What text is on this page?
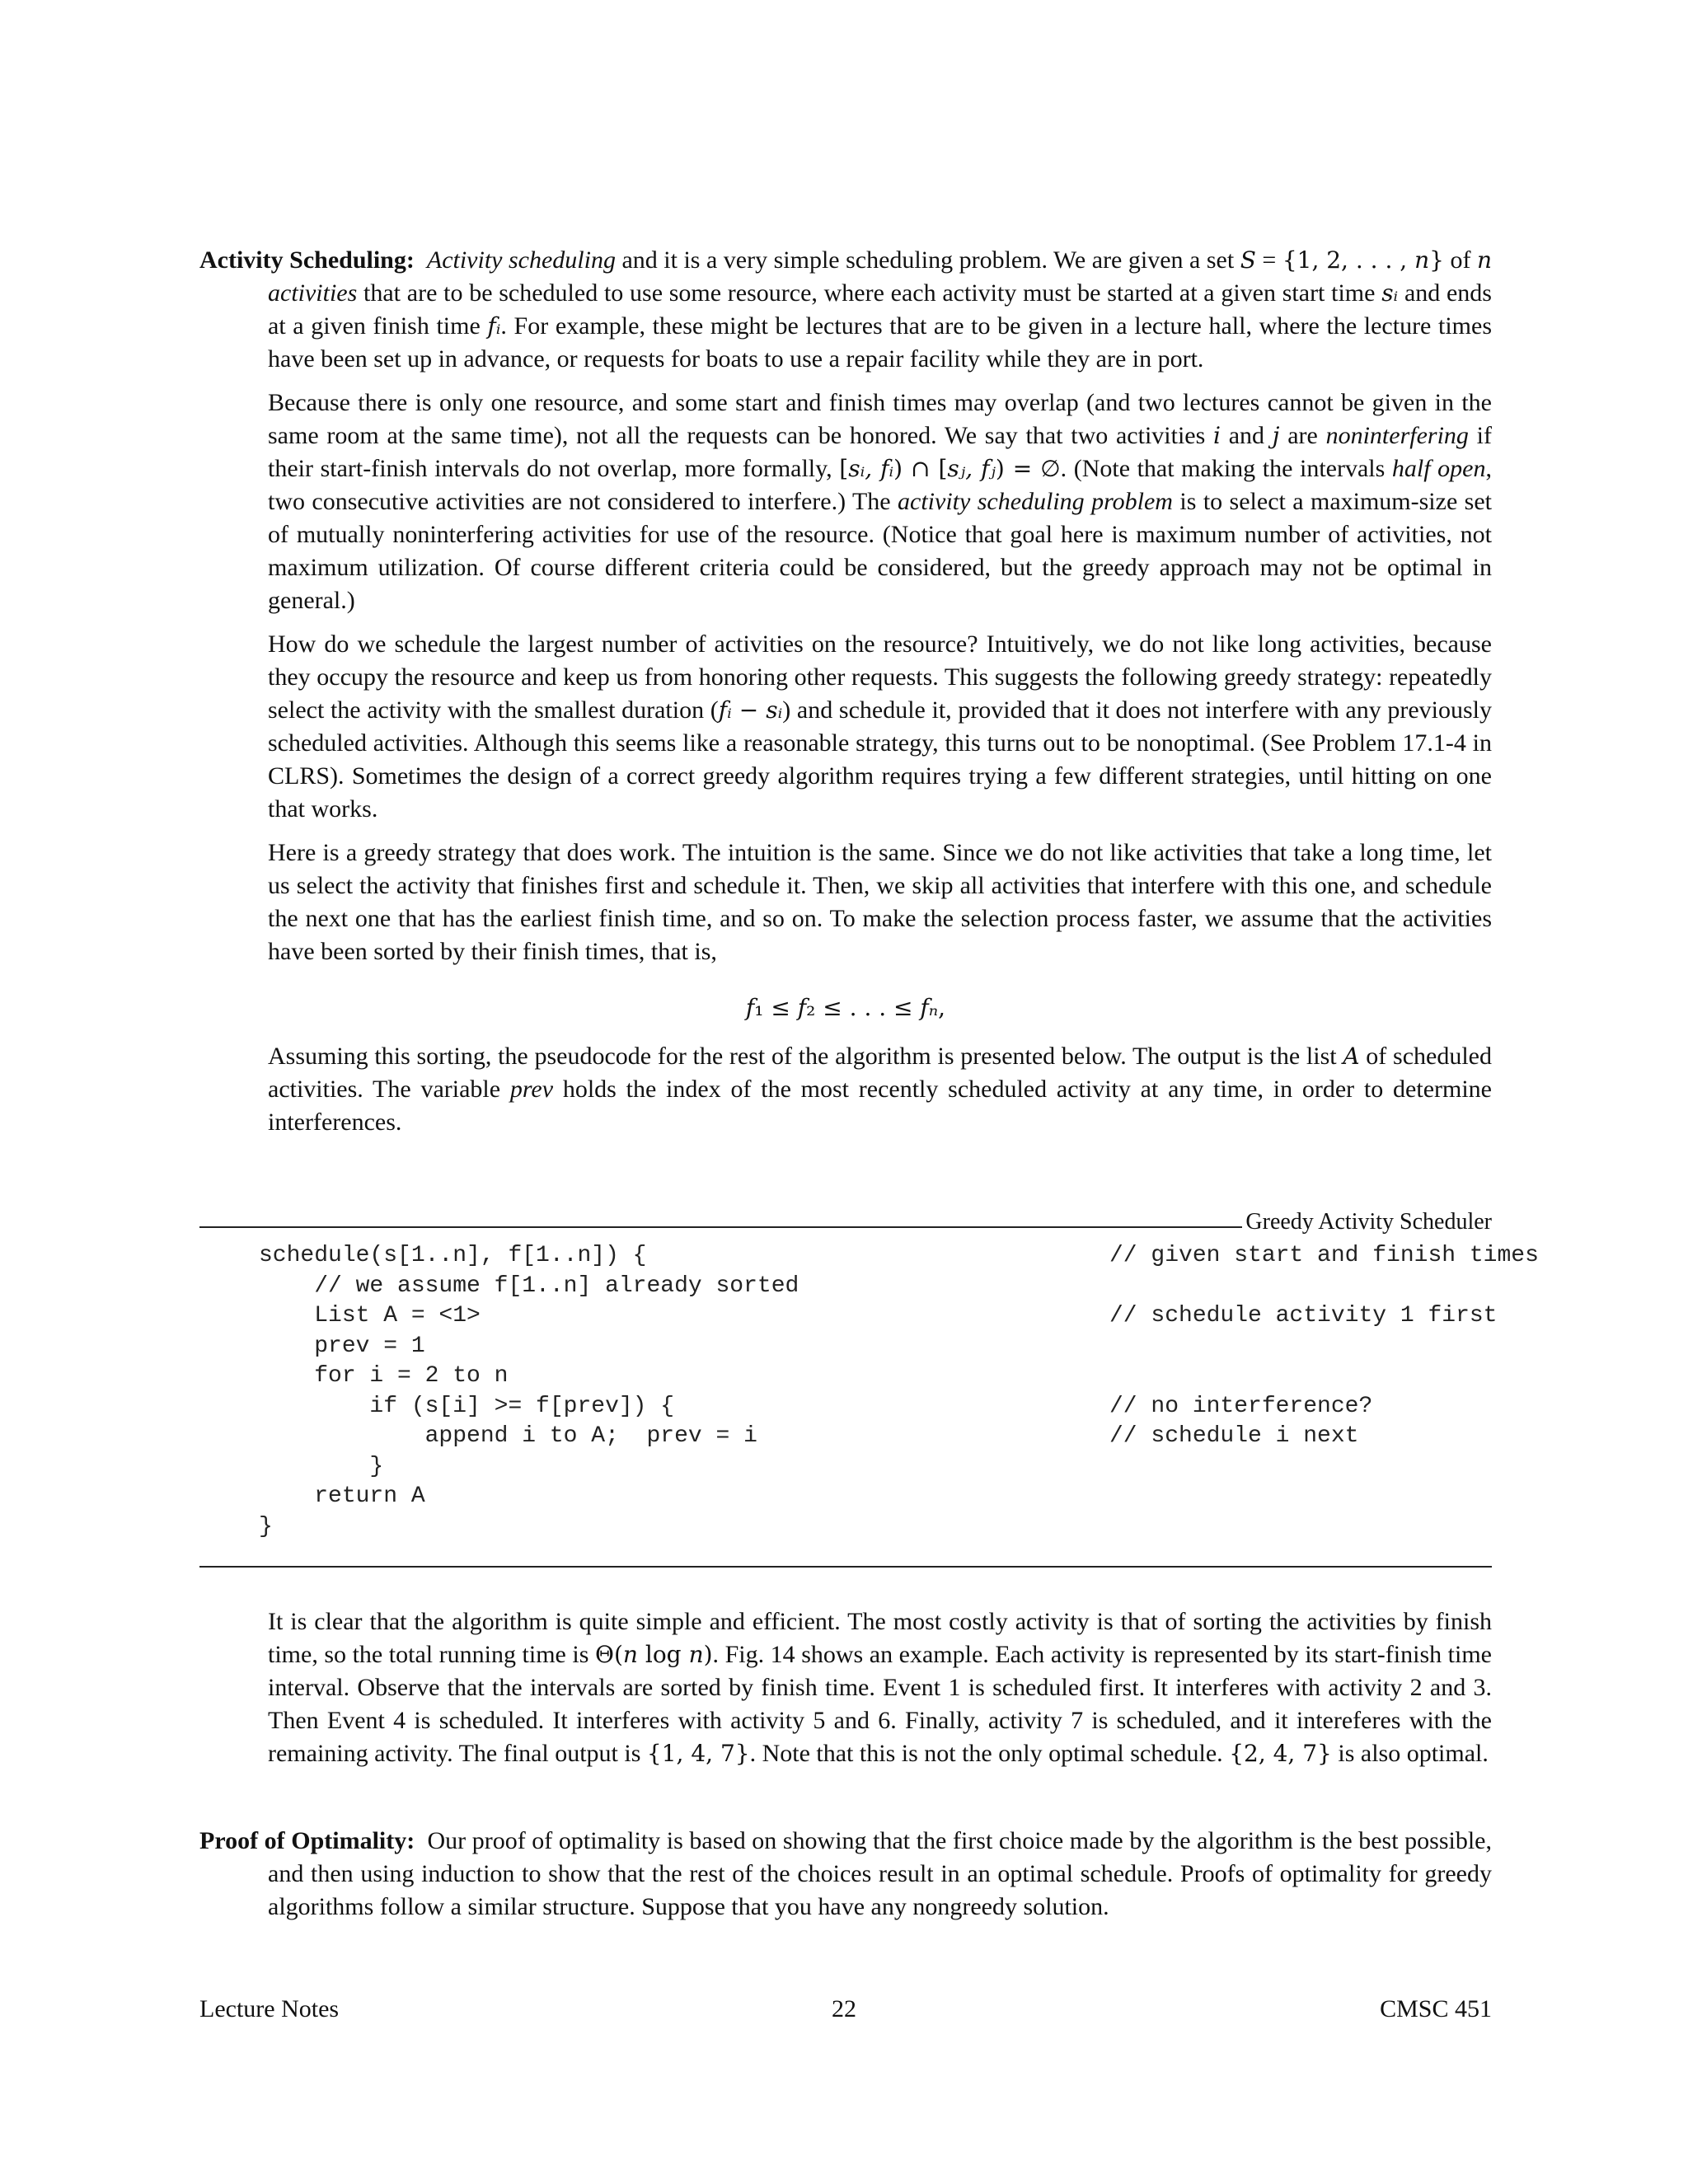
Activity Scheduling: Activity scheduling and it is a very simple scheduling problem. We are given a set S = {1, 2, . . . , n} of n activities that are to be scheduled to use some resource, where each activity must be started at a given start time sᵢ and ends at a given finish time fᵢ. For example, these might be lectures that are to be given in a lecture hall, where the lecture times have been set up in advance, or requests for boats to use a repair facility while they are in port.

Because there is only one resource, and some start and finish times may overlap (and two lectures cannot be given in the same room at the same time), not all the requests can be honored. We say that two activities i and j are noninterfering if their start-finish intervals do not overlap, more formally, [sᵢ, fᵢ) ∩ [sⱼ, fⱼ) = ∅. (Note that making the intervals half open, two consecutive activities are not considered to interfere.) The activity scheduling problem is to select a maximum-size set of mutually noninterfering activities for use of the resource. (Notice that goal here is maximum number of activities, not maximum utilization. Of course different criteria could be considered, but the greedy approach may not be optimal in general.)

How do we schedule the largest number of activities on the resource? Intuitively, we do not like long activities, because they occupy the resource and keep us from honoring other requests. This suggests the following greedy strategy: repeatedly select the activity with the smallest duration (fᵢ − sᵢ) and schedule it, provided that it does not interfere with any previously scheduled activities. Although this seems like a reasonable strategy, this turns out to be nonoptimal. (See Problem 17.1-4 in CLRS). Sometimes the design of a correct greedy algorithm requires trying a few different strategies, until hitting on one that works.

Here is a greedy strategy that does work. The intuition is the same. Since we do not like activities that take a long time, let us select the activity that finishes first and schedule it. Then, we skip all activities that interfere with this one, and schedule the next one that has the earliest finish time, and so on. To make the selection process faster, we assume that the activities have been sorted by their finish times, that is,

f₁ ≤ f₂ ≤ . . . ≤ fₙ,

Assuming this sorting, the pseudocode for the rest of the algorithm is presented below. The output is the list A of scheduled activities. The variable prev holds the index of the most recently scheduled activity at any time, in order to determine interferences.

Greedy Activity Scheduler
schedule(s[1..n], f[1..n]) {	// given start and finish times
// we assume f[1..n] already sorted
List A = <1>	// schedule activity 1 first
prev = 1
for i = 2 to n
if (s[i] >= f[prev]) {	// no interference?
append i to A;  prev = i	// schedule i next
}
return A
}

It is clear that the algorithm is quite simple and efficient. The most costly activity is that of sorting the activities by finish time, so the total running time is Θ(n log n). Fig. 14 shows an example. Each activity is represented by its start-finish time interval. Observe that the intervals are sorted by finish time. Event 1 is scheduled first. It interferes with activity 2 and 3. Then Event 4 is scheduled. It interferes with activity 5 and 6. Finally, activity 7 is scheduled, and it intereferes with the remaining activity. The final output is {1, 4, 7}. Note that this is not the only optimal schedule. {2, 4, 7} is also optimal.

Proof of Optimality: Our proof of optimality is based on showing that the first choice made by the algorithm is the best possible, and then using induction to show that the rest of the choices result in an optimal schedule. Proofs of optimality for greedy algorithms follow a similar structure. Suppose that you have any nongreedy solution.

Lecture Notes	22	CMSC 451
